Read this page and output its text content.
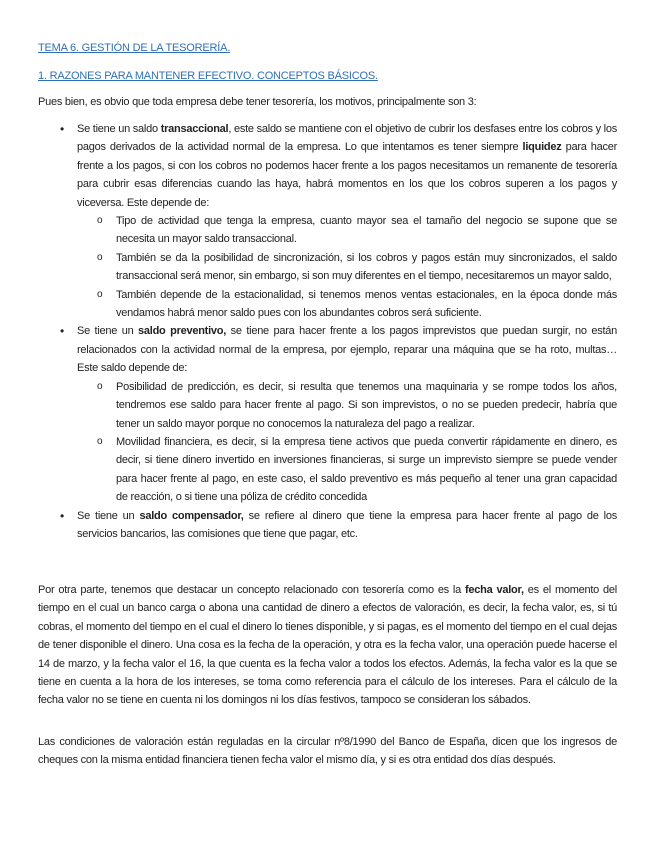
TEMA 6. GESTIÓN DE LA TESORERÍA.

1. RAZONES PARA MANTENER EFECTIVO. CONCEPTOS BÁSICOS.

Pues bien, es obvio que toda empresa debe tener tesorería, los motivos, principalmente son 3:

• Se tiene un saldo transaccional, este saldo se mantiene con el objetivo de cubrir los desfases entre los cobros y los pagos derivados de la actividad normal de la empresa. Lo que intentamos es tener siempre liquidez para hacer frente a los pagos, si con los cobros no podemos hacer frente a los pagos necesitamos un remanente de tesorería para cubrir esas diferencias cuando las haya, habrá momentos en los que los cobros superen a los pagos y viceversa. Este depende de:
o Tipo de actividad que tenga la empresa, cuanto mayor sea el tamaño del negocio se supone que se necesita un mayor saldo transaccional.
o También se da la posibilidad de sincronización, si los cobros y pagos están muy sincronizados, el saldo transaccional será menor, sin embargo, si son muy diferentes en el tiempo, necesitaremos un mayor saldo,
o También depende de la estacionalidad, si tenemos menos ventas estacionales, en la época donde más vendamos habrá menor saldo pues con los abundantes cobros será suficiente.
• Se tiene un saldo preventivo, se tiene para hacer frente a los pagos imprevistos que puedan surgir, no están relacionados con la actividad normal de la empresa, por ejemplo, reparar una máquina que se ha roto, multas… Este saldo depende de:
o Posibilidad de predicción, es decir, si resulta que tenemos una maquinaria y se rompe todos los años, tendremos ese saldo para hacer frente al pago. Si son imprevistos, o no se pueden predecir, habría que tener un saldo mayor porque no conocemos la naturaleza del pago a realizar.
o Movilidad financiera, es decir, si la empresa tiene activos que pueda convertir rápidamente en dinero, es decir, si tiene dinero invertido en inversiones financieras, si surge un imprevisto siempre se puede vender para hacer frente al pago, en este caso, el saldo preventivo es más pequeño al tener una gran capacidad de reacción, o si tiene una póliza de crédito concedida
• Se tiene un saldo compensador, se refiere al dinero que tiene la empresa para hacer frente al pago de los servicios bancarios, las comisiones que tiene que pagar, etc.

Por otra parte, tenemos que destacar un concepto relacionado con tesorería como es la fecha valor, es el momento del tiempo en el cual un banco carga o abona una cantidad de dinero a efectos de valoración, es decir, la fecha valor, es, si tú cobras, el momento del tiempo en el cual el dinero lo tienes disponible, y si pagas, es el momento del tiempo en el cual dejas de tener disponible el dinero. Una cosa es la fecha de la operación, y otra es la fecha valor, una operación puede hacerse el 14 de marzo, y la fecha valor el 16, la que cuenta es la fecha valor a todos los efectos. Además, la fecha valor es la que se tiene en cuenta a la hora de los intereses, se toma como referencia para el cálculo de los intereses. Para el cálculo de la fecha valor no se tiene en cuenta ni los domingos ni los días festivos, tampoco se consideran los sábados.

Las condiciones de valoración están reguladas en la circular nº8/1990 del Banco de España, dicen que los ingresos de cheques con la misma entidad financiera tienen fecha valor el mismo día, y si es otra entidad dos días después.
